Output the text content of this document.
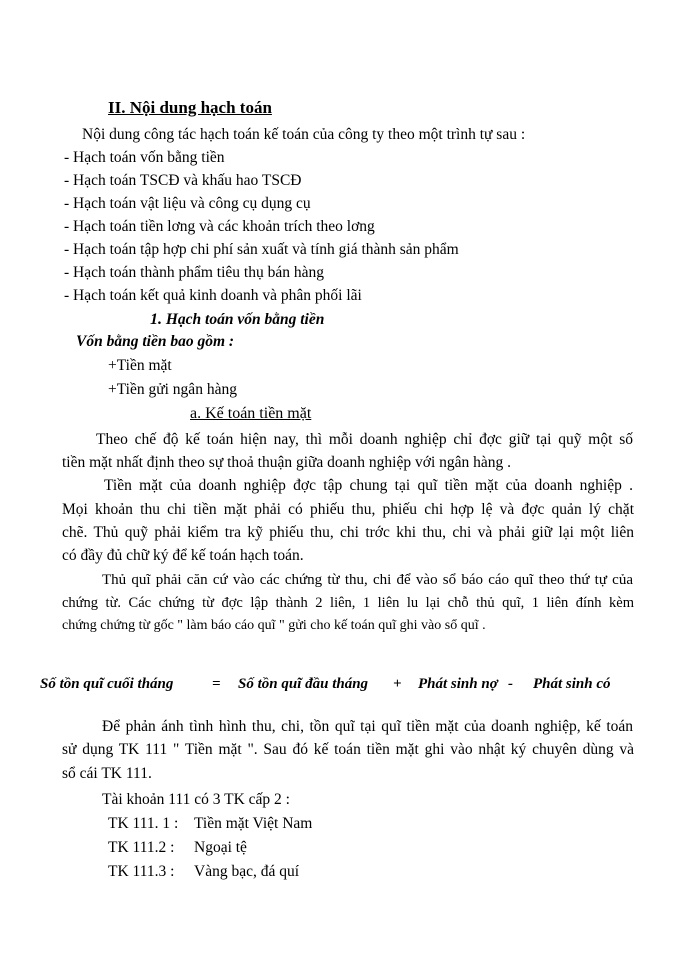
II. Nội dung hạch toán
Nội dung công tác hạch toán kế toán của công ty theo một trình tự sau :
- Hạch toán vốn bằng tiền
- Hạch toán TSCĐ và khấu hao TSCĐ
- Hạch toán vật liệu và công cụ dụng cụ
- Hạch toán tiền lơng và các khoản trích theo lơng
- Hạch toán tập hợp chi phí sản xuất và tính giá thành sản phẩm
- Hạch toán thành phẩm tiêu thụ bán hàng
- Hạch toán kết quả kinh doanh và phân phối lãi
1. Hạch toán vốn bằng tiền
Vốn bằng tiền bao gồm :
+Tiền mặt
+Tiền gửi ngân hàng
a. Kế toán tiền mặt
Theo chế độ kế toán hiện nay, thì mỗi doanh nghiệp chỉ đợc giữ tại quỹ một số
tiền mặt nhất định theo sự thoả thuận giữa doanh nghiệp với ngân hàng .
Tiền mặt của doanh nghiệp đợc tập chung tại quĩ tiền mặt của doanh nghiệp .
Mọi khoản thu chi tiền mặt phải có phiếu thu, phiếu chi hợp lệ và đợc quản lý chặt
chẽ. Thủ quỹ phải kiểm tra kỹ phiếu thu, chi trớc khi thu, chi và phải giữ lại một liên
có đầy đủ chữ ký để kế toán hạch toán.
Thủ quĩ phải căn cứ vào các chứng từ thu, chi để vào sổ báo cáo quĩ theo thứ tự của
chứng từ. Các chứng từ đợc lập thành 2 liên, 1 liên lu lại chỗ thủ quĩ, 1 liên đính kèm
chứng chứng từ gốc " làm báo cáo quĩ " gửi cho kế toán quĩ ghi vào sổ quĩ .
Số tồn quĩ cuối tháng	= Số tồn quĩ đầu tháng + Phát sinh nợ - Phát sinh có
Để phản ánh tình hình thu, chi, tồn quĩ tại quĩ tiền mặt của doanh nghiệp, kế toán
sử dụng TK 111 " Tiền mặt ". Sau đó kế toán tiền mặt ghi vào nhật ký chuyên dùng và
sổ cái TK 111.
Tài khoản 111 có 3 TK cấp 2 :
TK 111. 1 : Tiền mặt Việt Nam
TK 111.2 : Ngoại tệ
TK 111.3 : Vàng bạc, đá quí
